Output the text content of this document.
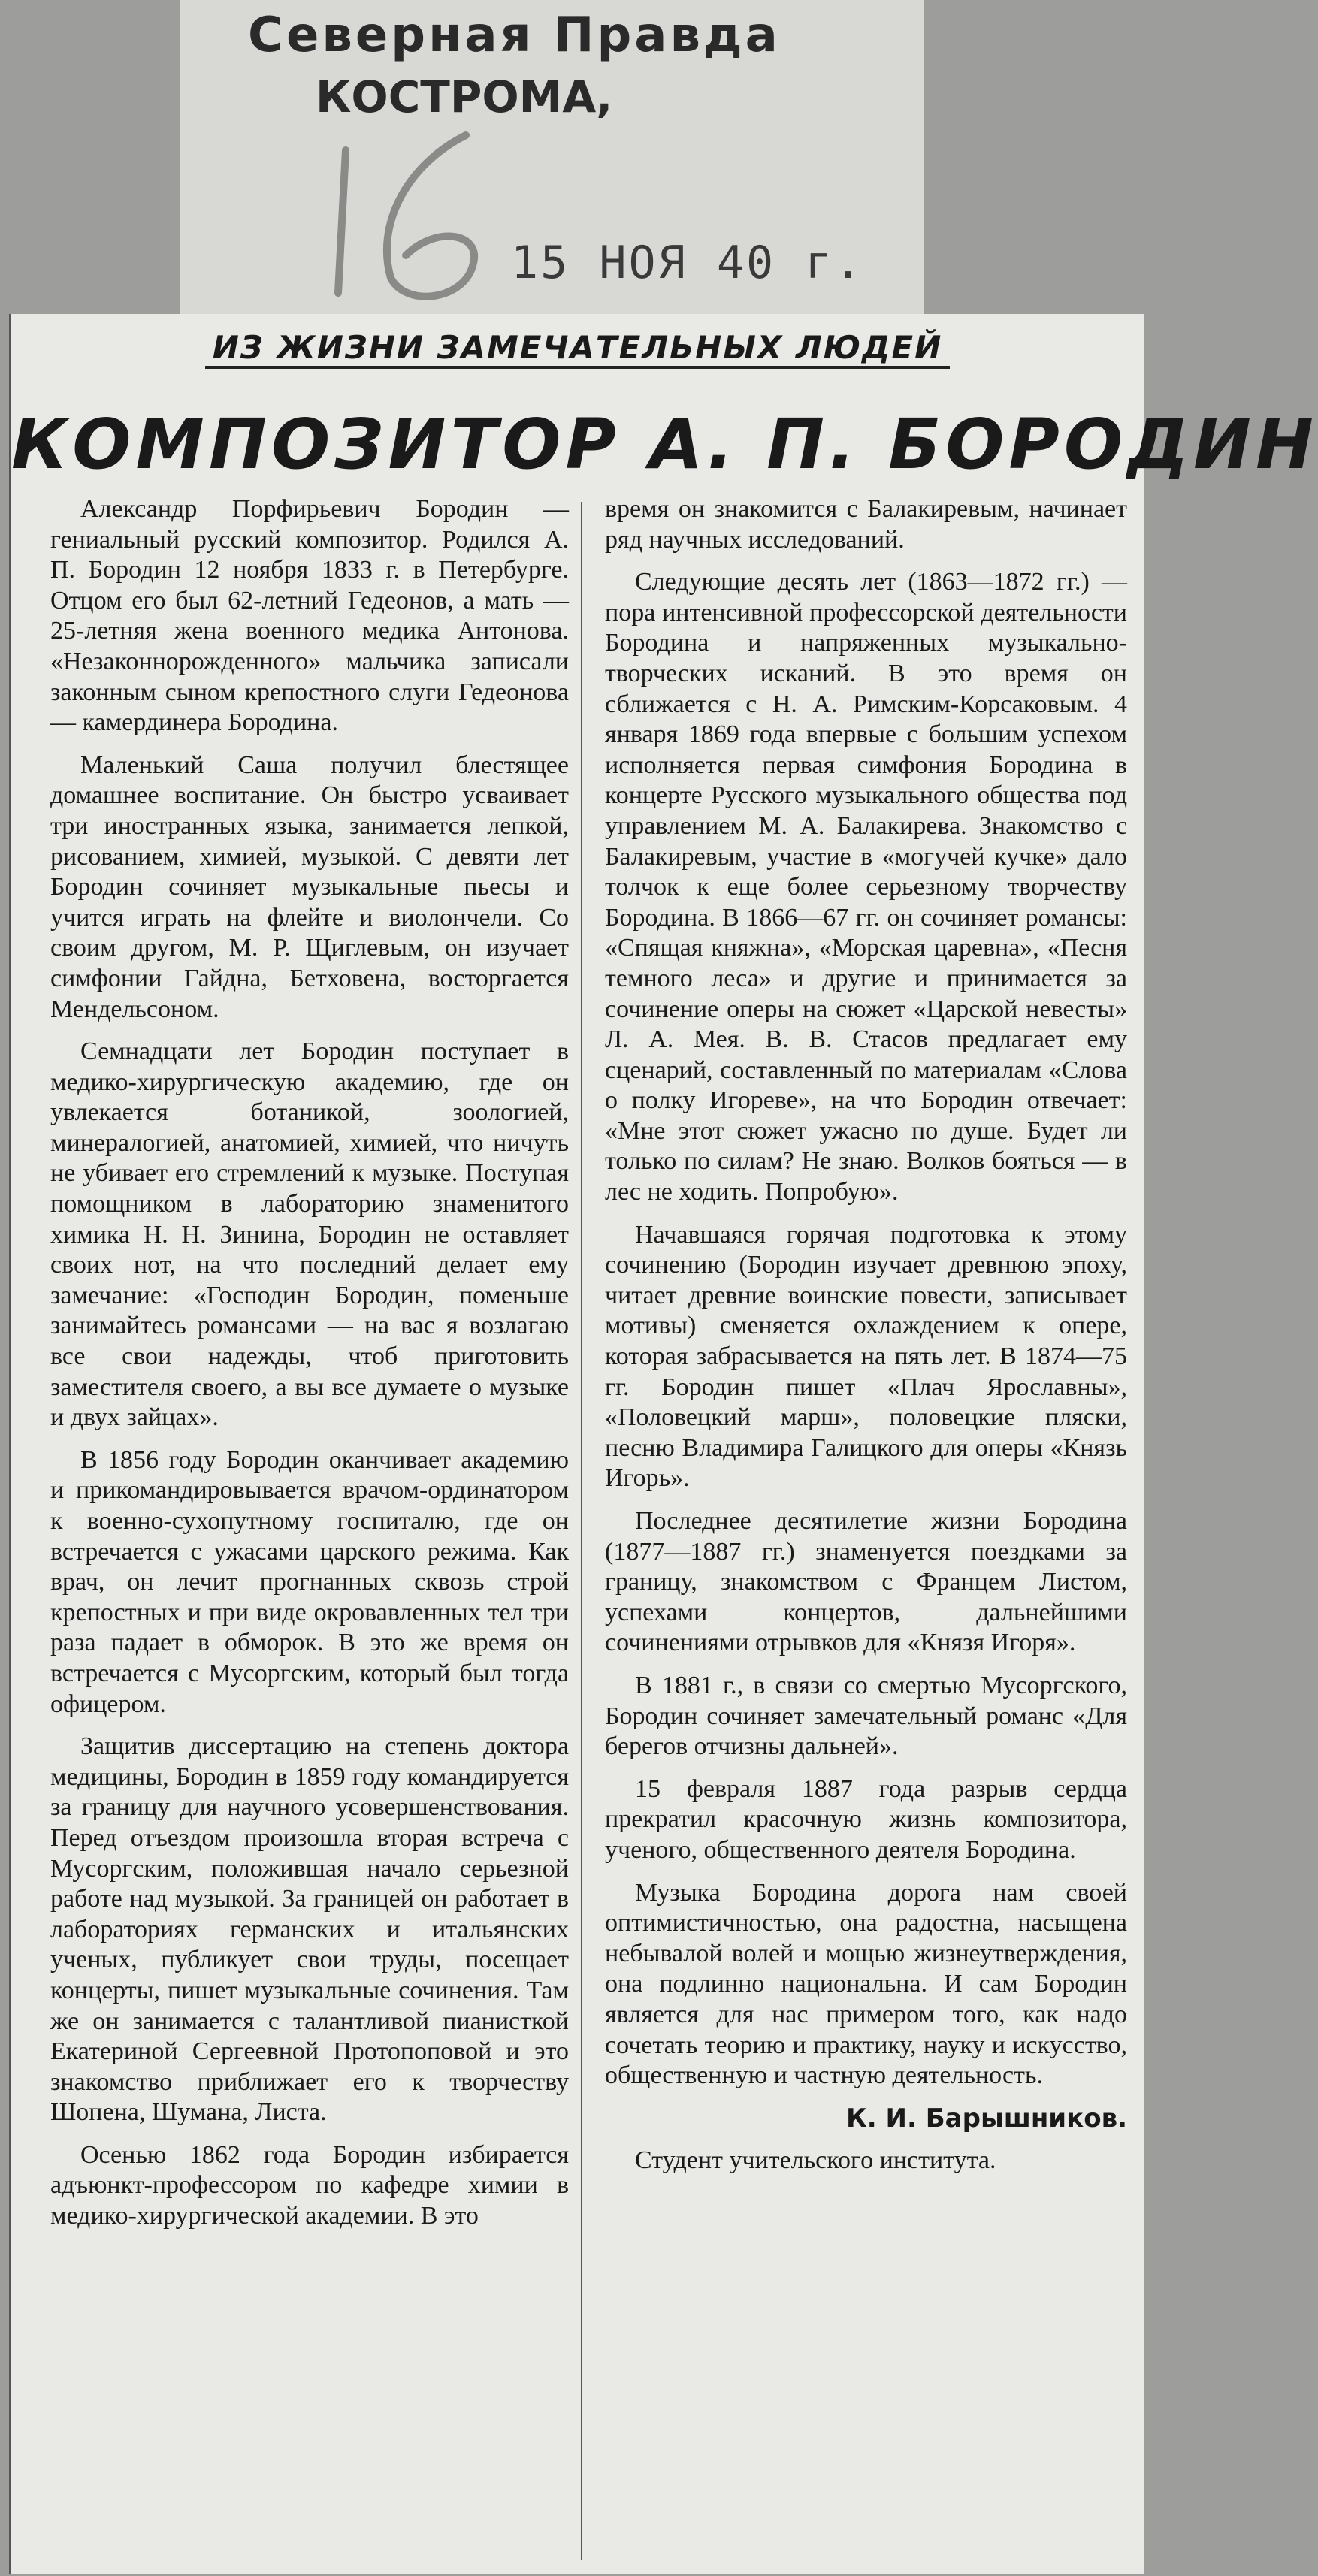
Северная Правда
КОСТРОМА,
15 НОЯ 40 г.
ИЗ ЖИЗНИ ЗАМЕЧАТЕЛЬНЫХ ЛЮДЕЙ
КОМПОЗИТОР А. П. БОРОДИН

Александр Порфирьевич Бородин — гениальный русский композитор. Родился А. П. Бородин 12 ноября 1833 г. в Петербурге. Отцом его был 62-летний Гедеонов, а мать — 25-летняя жена военного медика Антонова. «Незаконнорожденного» мальчика записали законным сыном крепостного слуги Гедеонова — камердинера Бородина.

Маленький Саша получил блестящее домашнее воспитание. Он быстро усваивает три иностранных языка, занимается лепкой, рисованием, химией, музыкой. С девяти лет Бородин сочиняет музыкальные пьесы и учится играть на флейте и виолончели. Со своим другом, М. Р. Щиглевым, он изучает симфонии Гайдна, Бетховена, восторгается Мендельсоном.

Семнадцати лет Бородин поступает в медико-хирургическую академию, где он увлекается ботаникой, зоологией, минералогией, анатомией, химией, что ничуть не убивает его стремлений к музыке. Поступая помощником в лабораторию знаменитого химика Н. Н. Зинина, Бородин не оставляет своих нот, на что последний делает ему замечание: «Господин Бородин, поменьше занимайтесь романсами — на вас я возлагаю все свои надежды, чтоб приготовить заместителя своего, а вы все думаете о музыке и двух зайцах».

В 1856 году Бородин оканчивает академию и прикомандировывается врачом-ординатором к военно-сухопутному госпиталю, где он встречается с ужасами царского режима. Как врач, он лечит прогнанных сквозь строй крепостных и при виде окровавленных тел три раза падает в обморок. В это же время он встречается с Мусоргским, который был тогда офицером.

Защитив диссертацию на степень доктора медицины, Бородин в 1859 году командируется за границу для научного усовершенствования. Перед отъездом произошла вторая встреча с Мусоргским, положившая начало серьезной работе над музыкой. За границей он работает в лабораториях германских и итальянских ученых, публикует свои труды, посещает концерты, пишет музыкальные сочинения. Там же он занимается с талантливой пианисткой Екатериной Сергеевной Протопоповой и это знакомство приближает его к творчеству Шопена, Шумана, Листа.

Осенью 1862 года Бородин избирается адъюнкт-профессором по кафедре химии в медико-хирургической академии. В это

время он знакомится с Балакиревым, начинает ряд научных исследований.

Следующие десять лет (1863—1872 гг.) — пора интенсивной профессорской деятельности Бородина и напряженных музыкально-творческих исканий. В это время он сближается с Н. А. Римским-Корсаковым. 4 января 1869 года впервые с большим успехом исполняется первая симфония Бородина в концерте Русского музыкального общества под управлением М. А. Балакирева. Знакомство с Балакиревым, участие в «могучей кучке» дало толчок к еще более серьезному творчеству Бородина. В 1866—67 гг. он сочиняет романсы: «Спящая княжна», «Морская царевна», «Песня темного леса» и другие и принимается за сочинение оперы на сюжет «Царской невесты» Л. А. Мея. В. В. Стасов предлагает ему сценарий, составленный по материалам «Слова о полку Игореве», на что Бородин отвечает: «Мне этот сюжет ужасно по душе. Будет ли только по силам? Не знаю. Волков бояться — в лес не ходить. Попробую».

Начавшаяся горячая подготовка к этому сочинению (Бородин изучает древнюю эпоху, читает древние воинские повести, записывает мотивы) сменяется охлаждением к опере, которая забрасывается на пять лет. В 1874—75 гг. Бородин пишет «Плач Ярославны», «Половецкий марш», половецкие пляски, песню Владимира Галицкого для оперы «Князь Игорь».

Последнее десятилетие жизни Бородина (1877—1887 гг.) знаменуется поездками за границу, знакомством с Францем Листом, успехами концертов, дальнейшими сочинениями отрывков для «Князя Игоря».

В 1881 г., в связи со смертью Мусоргского, Бородин сочиняет замечательный романс «Для берегов отчизны дальней».

15 февраля 1887 года разрыв сердца прекратил красочную жизнь композитора, ученого, общественного деятеля Бородина.

Музыка Бородина дорога нам своей оптимистичностью, она радостна, насыщена небывалой волей и мощью жизнеутверждения, она подлинно национальна. И сам Бородин является для нас примером того, как надо сочетать теорию и практику, науку и искусство, общественную и частную деятельность.

К. И. Барышников.

Студент учительского института.
